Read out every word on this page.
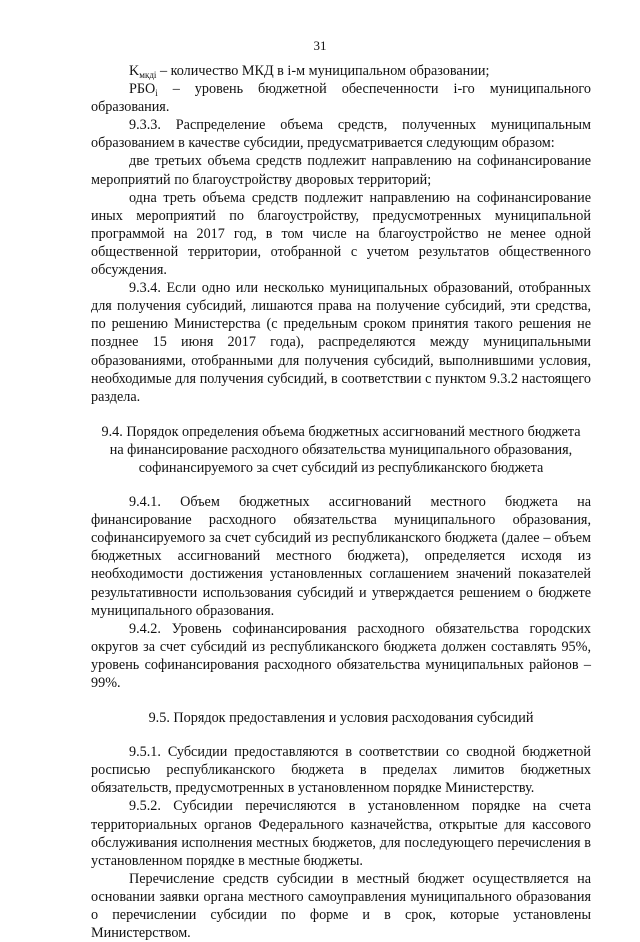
31

$K_{мкдi}$ – количество МКД в i-м муниципальном образовании;

$РБО_i$ – уровень бюджетной обеспеченности i-го муниципального образования.

9.3.3. Распределение объема средств, полученных муниципальным образованием в качестве субсидии, предусматривается следующим образом:

две третьих объема средств подлежит направлению на софинансирование мероприятий по благоустройству дворовых территорий;

одна треть объема средств подлежит направлению на софинансирование иных мероприятий по благоустройству, предусмотренных муниципальной программой на 2017 год, в том числе на благоустройство не менее одной общественной территории, отобранной с учетом результатов общественного обсуждения.

9.3.4. Если одно или несколько муниципальных образований, отобранных для получения субсидий, лишаются права на получение субсидий, эти средства, по решению Министерства (с предельным сроком принятия такого решения не позднее 15 июня 2017 года), распределяются между муниципальными образованиями, отобранными для получения субсидий, выполнившими условия, необходимые для получения субсидий, в соответствии с пунктом 9.3.2 настоящего раздела.

9.4. Порядок определения объема бюджетных ассигнований местного бюджета на финансирование расходного обязательства муниципального образования, софинансируемого за счет субсидий из республиканского бюджета

9.4.1. Объем бюджетных ассигнований местного бюджета на финансирование расходного обязательства муниципального образования, софинансируемого за счет субсидий из республиканского бюджета (далее – объем бюджетных ассигнований местного бюджета), определяется исходя из необходимости достижения установленных соглашением значений показателей результативности использования субсидий и утверждается решением о бюджете муниципального образования.

9.4.2. Уровень софинансирования расходного обязательства городских округов за счет субсидий из республиканского бюджета должен составлять 95%, уровень софинансирования расходного обязательства муниципальных районов – 99%.

9.5. Порядок предоставления и условия расходования субсидий

9.5.1. Субсидии предоставляются в соответствии со сводной бюджетной росписью республиканского бюджета в пределах лимитов бюджетных обязательств, предусмотренных в установленном порядке Министерству.

9.5.2. Субсидии перечисляются в установленном порядке на счета территориальных органов Федерального казначейства, открытые для кассового обслуживания исполнения местных бюджетов, для последующего перечисления в установленном порядке в местные бюджеты.

Перечисление средств субсидии в местный бюджет осуществляется на основании заявки органа местного самоуправления муниципального образования о перечислении субсидии по форме и в срок, которые установлены Министерством.
